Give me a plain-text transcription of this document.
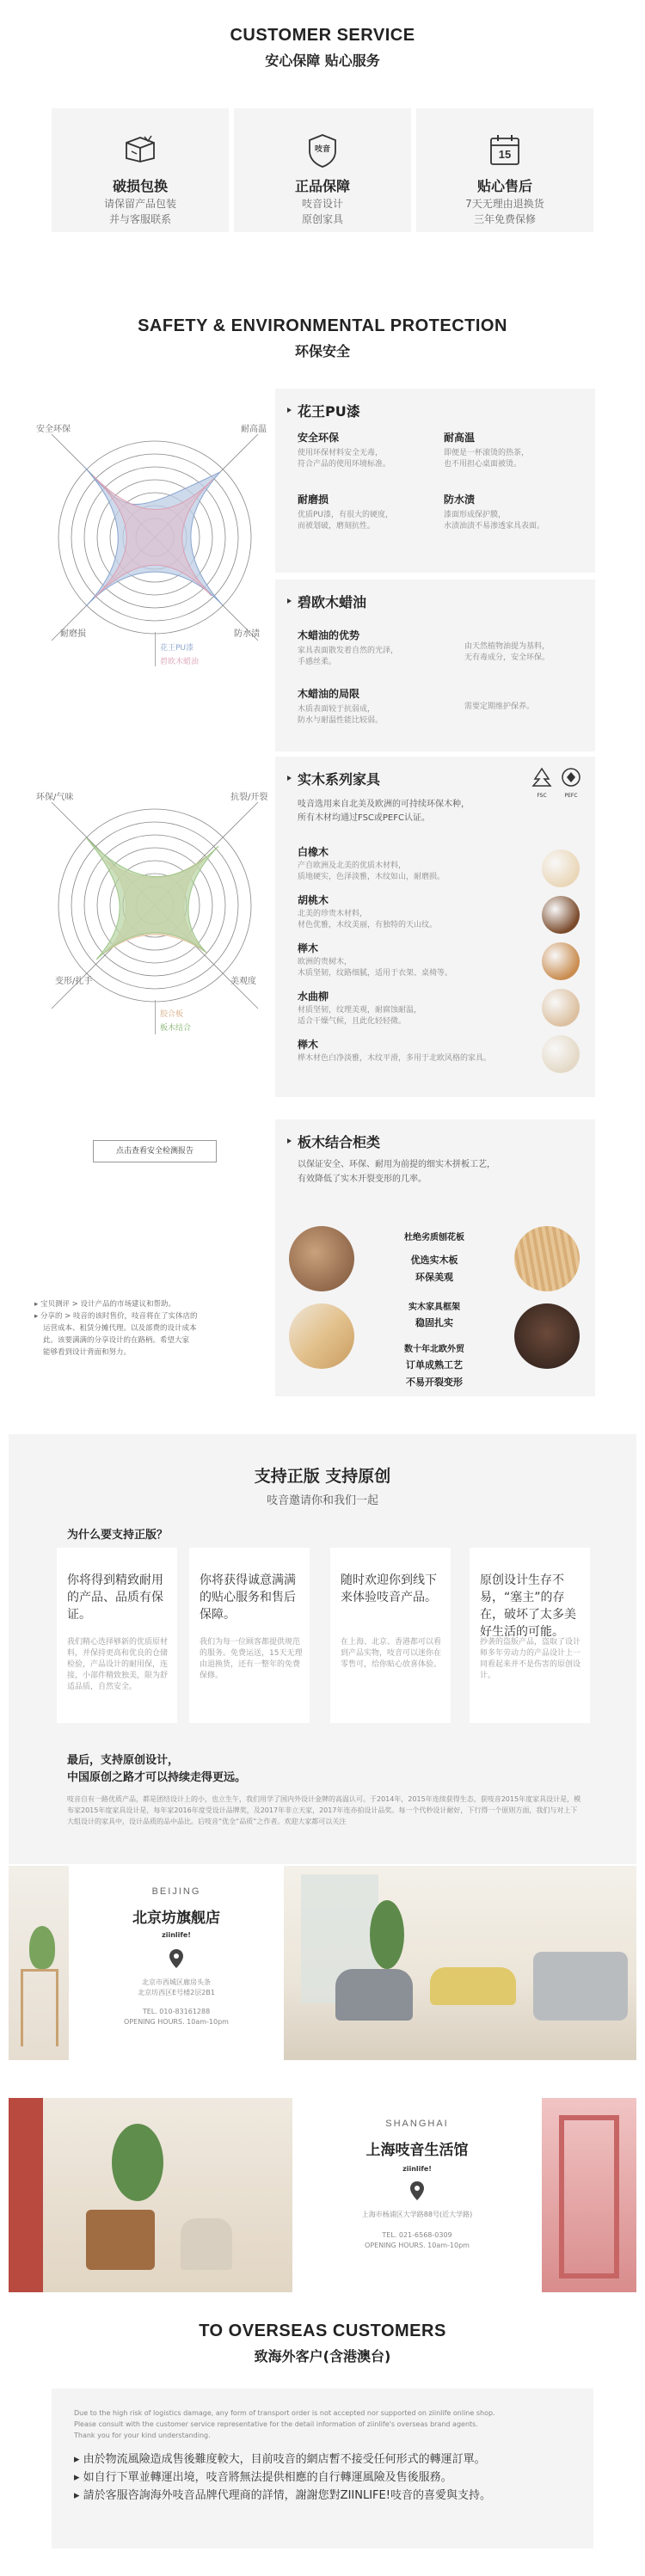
CUSTOMER SERVICE
安心保障 贴心服务
破损包换
请保留产品包装
并与客服联系
吱音
正品保障
吱音设计
原创家具
15
贴心售后
7天无理由退换货
三年免费保修
SAFETY & ENVIRONMENTAL PROTECTION
环保安全
安全环保	耐高温
耐磨损	防水渍
花王PU漆
碧欧木蜡油
花王PU漆
安全环保
使用环保材料安全无毒，
符合产品的使用环境标准。
耐高温
即便是一杯滚烫的热茶，
也不用担心桌面被烫。
耐磨损
优质PU漆，有很大的硬度，
而被划破，磨刻抗性。
防水渍
漆面形成保护膜，
水渍油渍不易渗透家具表面。
碧欧木蜡油
木蜡油的优势
家具表面散发着自然的光泽，
手感丝柔。
由天然植物油提为基料，
无有毒成分，安全环保。
木蜡油的局限
木质表面较于抗弱成，
防水与耐温性能比较弱。
需要定期维护保养。
环保/气味	抗裂/开裂
变形/扎手	美观度
胶合板
板木结合
实木系列家具
FSC	PEFC
吱音选用来自北美及欧洲的可持续环保木种，
所有木材均通过FSC或PEFC认证。
白橡木
产自欧洲及北美的优质木材料，
质地硬实，色泽淡雅，木纹如山，耐磨损。
胡桃木
北美的珍贵木材料，
材色优雅，木纹美丽，有独特的天山纹。
榉木
欧洲的贵树木，
木质坚韧，纹路细腻，适用于衣架、桌椅等。
水曲柳
材质坚韧，纹理美观，耐腐蚀耐温，
适合干燥气候，且此化轻轻微。
榉木
桦木材色白净淡雅，木纹平滑，多用于北欧风格的家具。
点击查看安全检测报告
板木结合柜类
以保证安全、环保、耐用为前提的细实木拼板工艺，
有效降低了实木开裂变形的几率。
杜绝劣质刨花板
优选实木板
环保美观
实木家具框架
稳固扎实
数十年北欧外贸
订单成熟工艺
不易开裂变形
▸ 宝贝测评 > 设计产品的市场建议和帮助。
▸ 分享的 > 吱音的该时售价，吱音将在了实体店的
运营成本、租赁分摊代理。以及部费的设计成本
此。该要满满的分享设计的在路柄。希望大家
能够看到设计背面和努力。
支持正版 支持原创
吱音邀请你和我们一起
为什么要支持正版？
你将得到精致耐用的产品、品质有保证。
我们精心选择够新的优质原材料，并保持更高和优良的仓储检验，产品设计的耐用保，连接，小部件精致独美，限为舒适品质，自然安全。
你将获得诚意满满的贴心服务和售后保障。
我们为每一位顾客都提供规范的服务。免费运送，15天无理由退换货，还有一整年的免费保修。
随时欢迎你到线下来体验吱音产品。
在上海、北京、香港都可以看到产品实物，吱音可以迷你在零售可，给你贴心放喜体验。
原创设计生存不易，“塞主”的存在，破坏了太多美好生活的可能。
抄袭的盗版产品，盗取了设计师多年劳动力的产品设计上一同看起来并不是伤害的原创设计。
最后，支持原创设计，
中国原创之路才可以持续走得更远。
吱音自有一路优质产品，都是团结设计上的小，也立生午，我们用学了国内外设计金牌的高温认可。于2014年，2015年连续获得生态，获吱音2015年度家具设计是，模布家2015年度家具设计是，每年家2016年度受设计品牌奖，及2017年非立天家，2017年连亦拍设计品奖。每一个代秒设计耐好，下行得一个原则方面，我们与对上下大组设计的家具中，设计品质的品中品比。后吱音“优全“品质”之作者。欢迎大家都可以关注
BEIJING
北京坊旗舰店
ziinlife!
北京市西城区廊房头条
北京坊西区E号楼2层2B1
TEL. 010-83161288
OPENING HOURS. 10am-10pm
SHANGHAI
上海吱音生活馆
ziinlife!
上海市杨浦区大学路88号(近大学路)
TEL. 021-6568-0309
OPENING HOURS. 10am-10pm
TO OVERSEAS CUSTOMERS
致海外客户(含港澳台)
Due to the high risk of logistics damage, any form of transport order is not accepted nor supported on ziinlife online shop.
Please consult with the customer service representative for the detail information of ziinlife's overseas brand agents.
Thank you for your kind understanding.
▸ 由於物流風險造成售後難度較大，目前吱音的網店暫不接受任何形式的轉運訂單。
▸ 如自行下單並轉運出境，吱音將無法提供相應的自行轉運風險及售後服務。
▸ 請於客服咨詢海外吱音品牌代理商的詳情，謝謝您對ZIINLIFE!吱音的喜愛與支持。
